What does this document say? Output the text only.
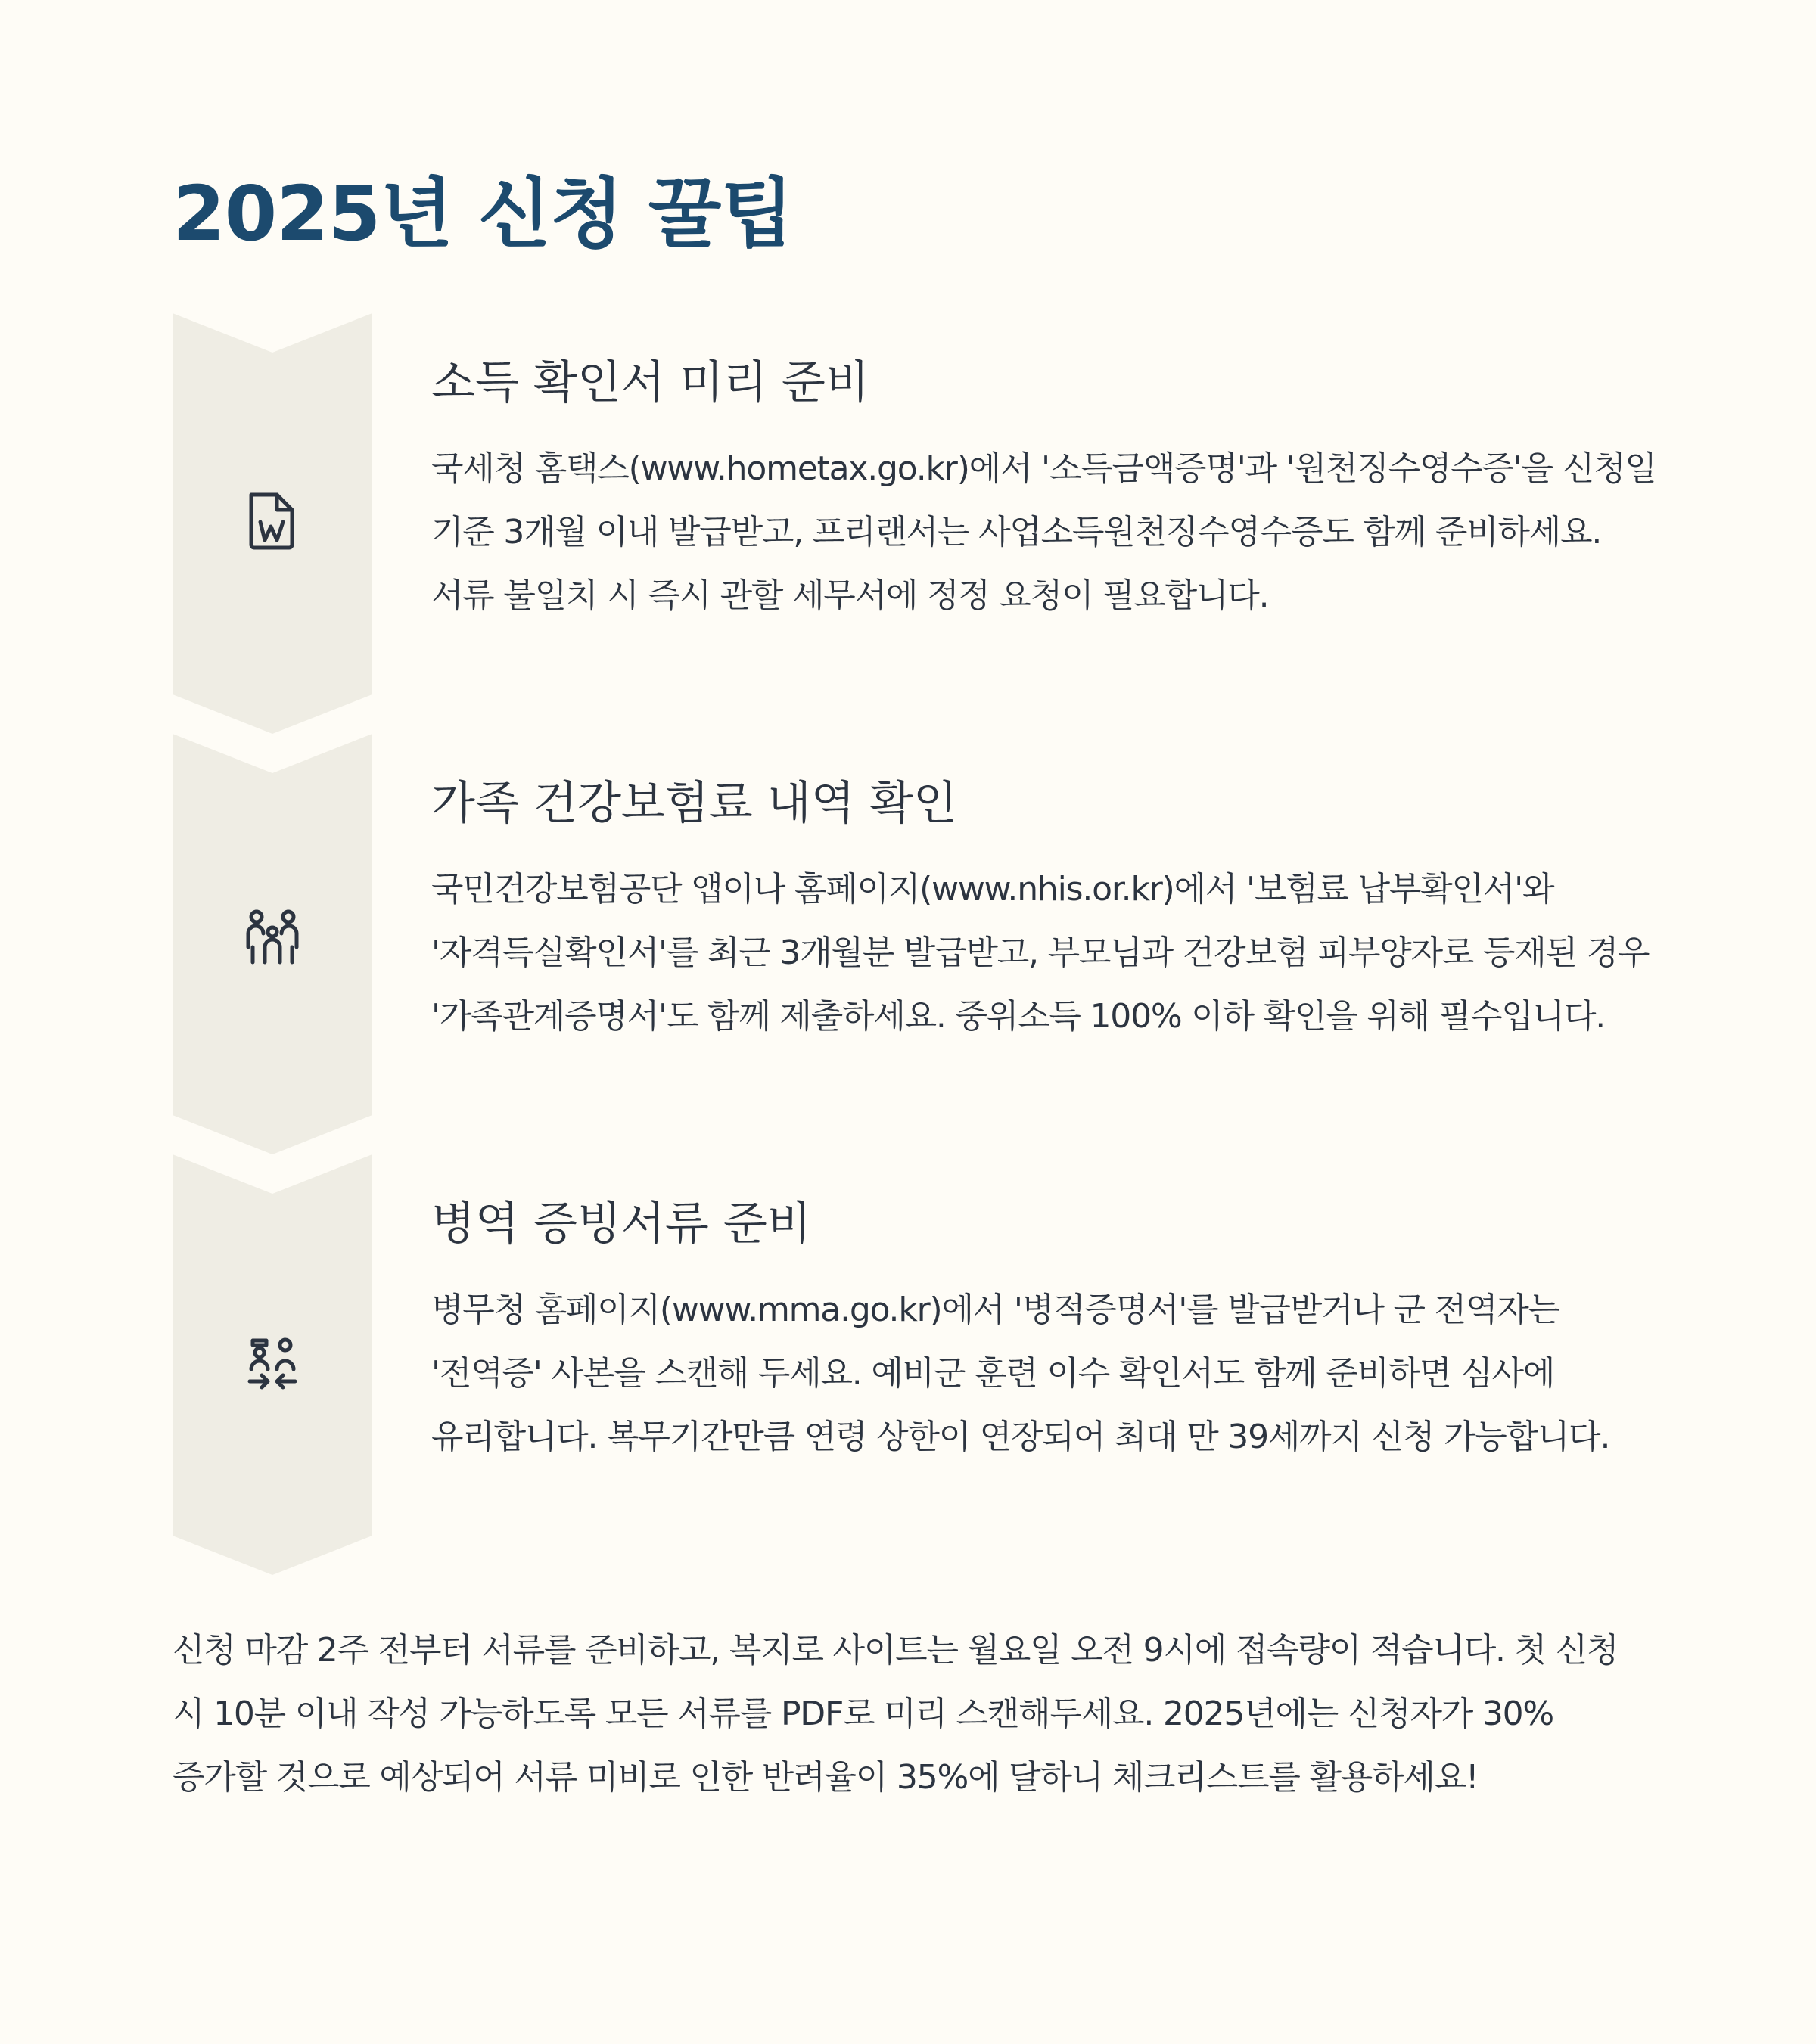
2025년 신청 꿀팁
소득 확인서 미리 준비

국세청 홈택스(www.hometax.go.kr)에서 '소득금액증명'과 '원천징수영수증'을 신청일 기준 3개월 이내 발급받고, 프리랜서는 사업소득원천징수영수증도 함께 준비하세요. 서류 불일치 시 즉시 관할 세무서에 정정 요청이 필요합니다.

가족 건강보험료 내역 확인

국민건강보험공단 앱이나 홈페이지(www.nhis.or.kr)에서 '보험료 납부확인서'와 '자격득실확인서'를 최근 3개월분 발급받고, 부모님과 건강보험 피부양자로 등재된 경우 '가족관계증명서'도 함께 제출하세요. 중위소득 100% 이하 확인을 위해 필수입니다.

병역 증빙서류 준비

병무청 홈페이지(www.mma.go.kr)에서 '병적증명서'를 발급받거나 군 전역자는 '전역증' 사본을 스캔해 두세요. 예비군 훈련 이수 확인서도 함께 준비하면 심사에 유리합니다. 복무기간만큼 연령 상한이 연장되어 최대 만 39세까지 신청 가능합니다.

신청 마감 2주 전부터 서류를 준비하고, 복지로 사이트는 월요일 오전 9시에 접속량이 적습니다. 첫 신청 시 10분 이내 작성 가능하도록 모든 서류를 PDF로 미리 스캔해두세요. 2025년에는 신청자가 30% 증가할 것으로 예상되어 서류 미비로 인한 반려율이 35%에 달하니 체크리스트를 활용하세요!
